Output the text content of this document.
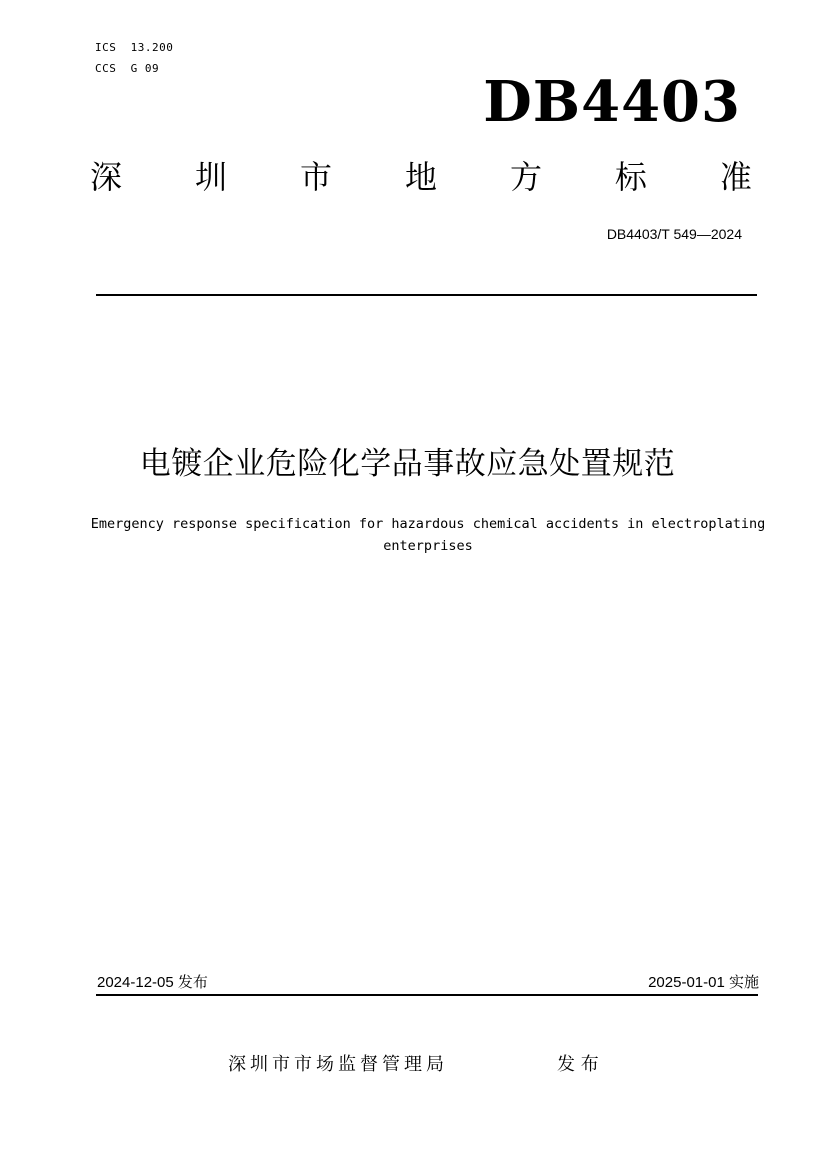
ICS  13.200
CCS  G 09
DB4403
深 圳 市 地 方 标 准
DB4403/T 549—2024
电镀企业危险化学品事故应急处置规范
Emergency response specification for hazardous chemical accidents in electroplating enterprises
2024-12-05 发布	2025-01-01 实施
深圳市市场监督管理局	发 布
